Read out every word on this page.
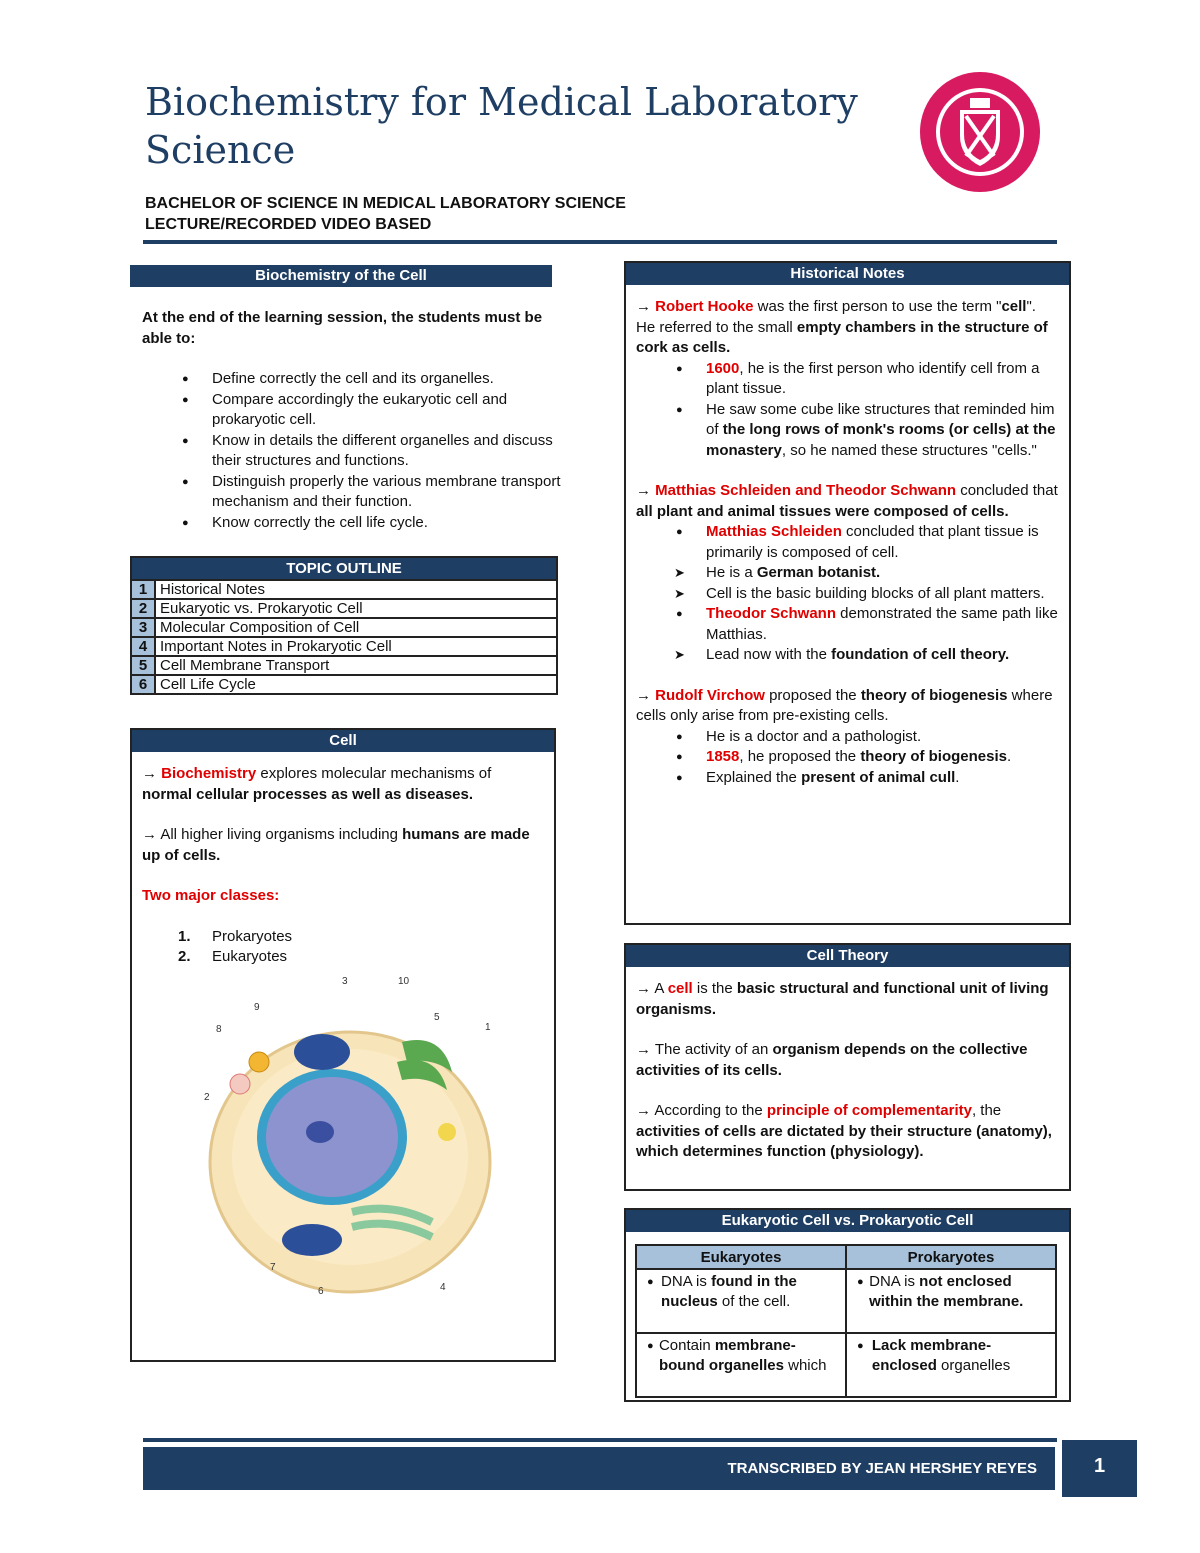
Biochemistry for Medical Laboratory Science
BACHELOR OF SCIENCE IN MEDICAL LABORATORY SCIENCE
LECTURE/RECORDED VIDEO BASED
Biochemistry of the Cell
At the end of the learning session, the students must be able to:
● Define correctly the cell and its organelles.
● Compare accordingly the eukaryotic cell and prokaryotic cell.
● Know in details the different organelles and discuss their structures and functions.
● Distinguish properly the various membrane transport mechanism and their function.
● Know correctly the cell life cycle.
TOPIC OUTLINE	
1	Historical Notes
2	Eukaryotic vs. Prokaryotic Cell
3	Molecular Composition of Cell
4	Important Notes in Prokaryotic Cell
5	Cell Membrane Transport
6	Cell Life Cycle
Cell
→ Biochemistry explores molecular mechanisms of normal cellular processes as well as diseases.
→ All higher living organisms including humans are made up of cells.
Two major classes:
1. Prokaryotes
2. Eukaryotes
1
2
3
4
5
6
7
8
9
10
Historical Notes
→ Robert Hooke was the first person to use the term "cell". He referred to the small empty chambers in the structure of cork as cells.
● 1600, he is the first person who identify cell from a plant tissue.
● He saw some cube like structures that reminded him of the long rows of monk's rooms (or cells) at the monastery, so he named these structures "cells."
→ Matthias Schleiden and Theodor Schwann concluded that all plant and animal tissues were composed of cells.
● Matthias Schleiden concluded that plant tissue is primarily is composed of cell.
➤ He is a German botanist.
➤ Cell is the basic building blocks of all plant matters.
● Theodor Schwann demonstrated the same path like Matthias.
➤ Lead now with the foundation of cell theory.
→ Rudolf Virchow proposed the theory of biogenesis where cells only arise from pre-existing cells.
● He is a doctor and a pathologist.
● 1858, he proposed the theory of biogenesis.
● Explained the present of animal cull.
Cell Theory
→ A cell is the basic structural and functional unit of living organisms.
→ The activity of an organism depends on the collective activities of its cells.
→ According to the principle of complementarity, the activities of cells are dictated by their structure (anatomy), which determines function (physiology).
Eukaryotic Cell vs. Prokaryotic Cell
Eukaryotes	Prokaryotes

● DNA is found in the nucleus of the cell.	● DNA is not enclosed within the membrane.

● Contain membrane-bound organelles which	● Lack membrane-enclosed organelles
TRANSCRIBED BY JEAN HERSHEY REYES	1
